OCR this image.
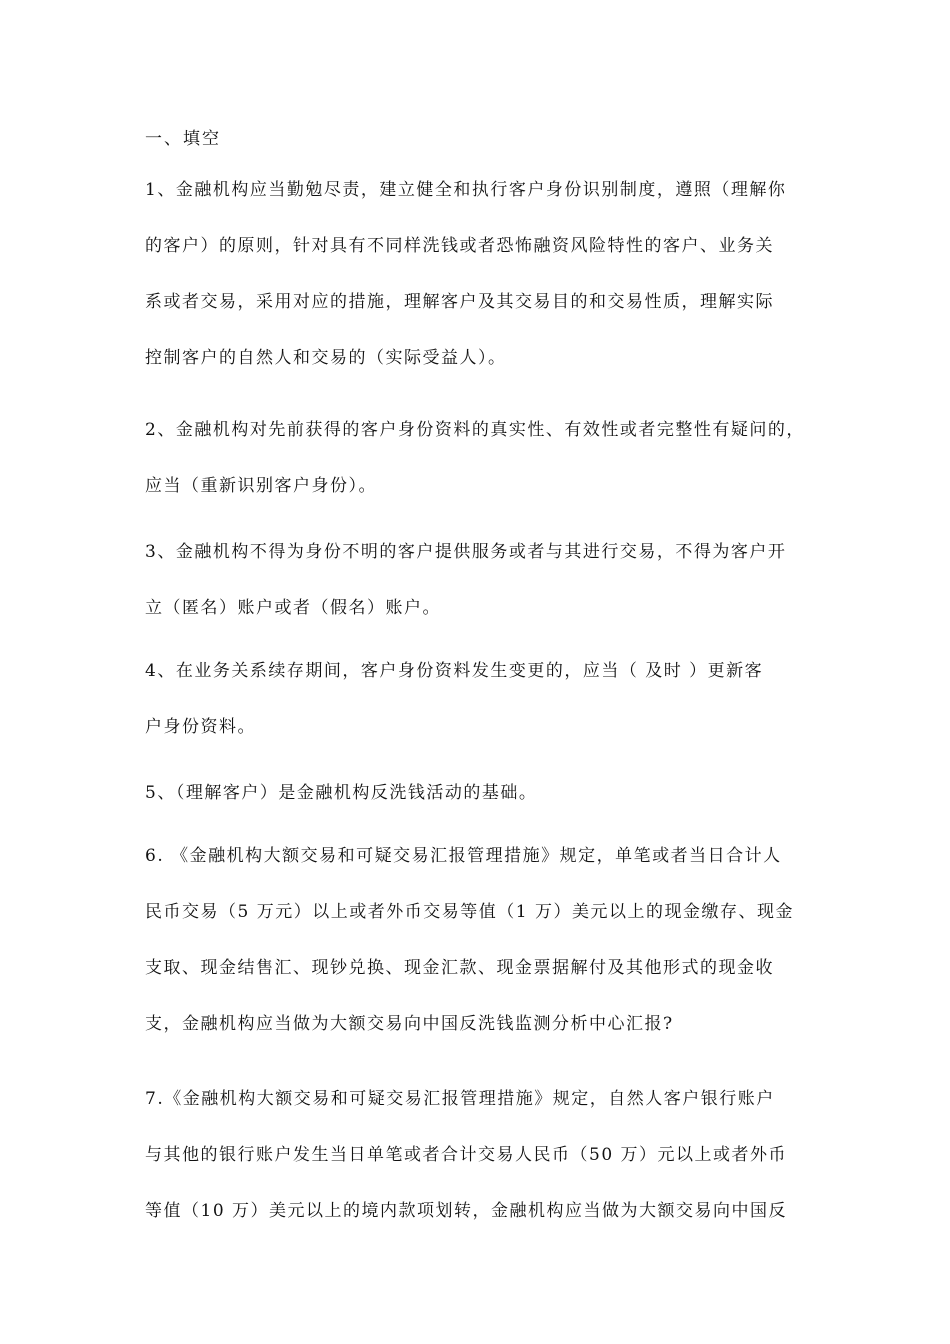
一、填空
1、金融机构应当勤勉尽责，建立健全和执行客户身份识别制度，遵照（理解你
的客户）的原则，针对具有不同样洗钱或者恐怖融资风险特性的客户、业务关
系或者交易，采用对应的措施，理解客户及其交易目的和交易性质，理解实际
控制客户的自然人和交易的（实际受益人）。
2、金融机构对先前获得的客户身份资料的真实性、有效性或者完整性有疑问的，
应当（重新识别客户身份）。
3、金融机构不得为身份不明的客户提供服务或者与其进行交易，不得为客户开
立（匿名）账户或者（假名）账户。
4、在业务关系续存期间，客户身份资料发生变更的，应当（ 及时 ）更新客
户身份资料。
5、（理解客户）是金融机构反洗钱活动的基础。
6. 《金融机构大额交易和可疑交易汇报管理措施》规定，单笔或者当日合计人
民币交易（5 万元）以上或者外币交易等值（1 万）美元以上的现金缴存、现金
支取、现金结售汇、现钞兑换、现金汇款、现金票据解付及其他形式的现金收
支，金融机构应当做为大额交易向中国反洗钱监测分析中心汇报?
7.《金融机构大额交易和可疑交易汇报管理措施》规定，自然人客户银行账户
与其他的银行账户发生当日单笔或者合计交易人民币（50 万）元以上或者外币
等值（10 万）美元以上的境内款项划转，金融机构应当做为大额交易向中国反
